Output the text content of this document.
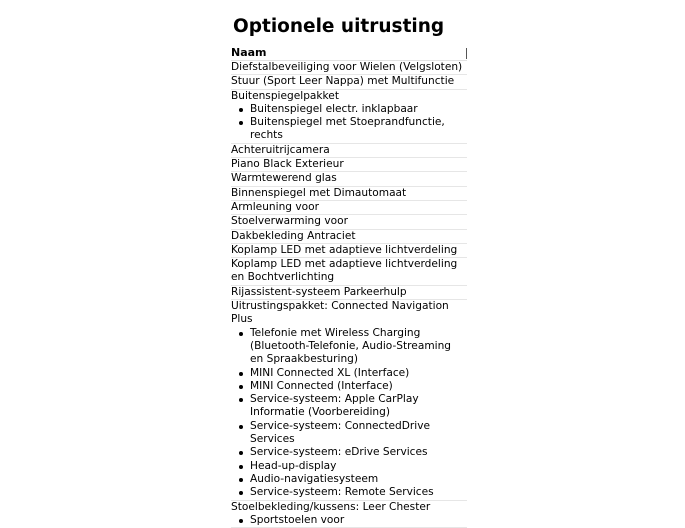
Optionele uitrusting
Naam
Diefstalbeveiliging voor Wielen (Velgsloten)
Stuur (Sport Leer Nappa) met Multifunctie
Buitenspiegelpakket
Buitenspiegel electr. inklapbaar
Buitenspiegel met Stoeprandfunctie,
rechts
Achteruitrijcamera
Piano Black Exterieur
Warmtewerend glas
Binnenspiegel met Dimautomaat
Armleuning voor
Stoelverwarming voor
Dakbekleding Antraciet
Koplamp LED met adaptieve lichtverdeling
Koplamp LED met adaptieve lichtverdeling
en Bochtverlichting
Rijassistent-systeem Parkeerhulp
Uitrustingspakket: Connected Navigation
Plus
Telefonie met Wireless Charging
(Bluetooth-Telefonie, Audio-Streaming
en Spraakbesturing)
MINI Connected XL (Interface)
MINI Connected (Interface)
Service-systeem: Apple CarPlay
Informatie (Voorbereiding)
Service-systeem: ConnectedDrive
Services
Service-systeem: eDrive Services
Head-up-display
Audio-navigatiesysteem
Service-systeem: Remote Services
Stoelbekleding/kussens: Leer Chester
Sportstoelen voor
